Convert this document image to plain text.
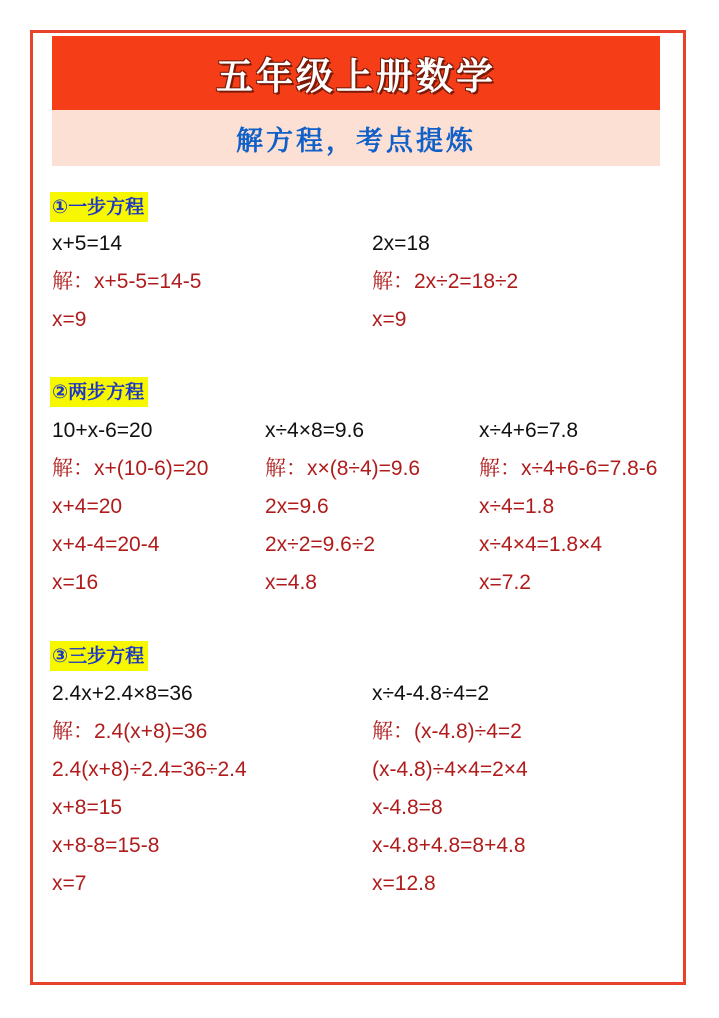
五年级上册数学
解方程，考点提炼
①一步方程
x+5=14
解：x+5-5=14-5
x=9
2x=18
解：2x÷2=18÷2
x=9
②两步方程
10+x-6=20
解：x+(10-6)=20
x+4=20
x+4-4=20-4
x=16
x÷4×8=9.6
解：x×(8÷4)=9.6
2x=9.6
2x÷2=9.6÷2
x=4.8
x÷4+6=7.8
解：x÷4+6-6=7.8-6
x÷4=1.8
x÷4×4=1.8×4
x=7.2
③三步方程
2.4x+2.4×8=36
解：2.4(x+8)=36
2.4(x+8)÷2.4=36÷2.4
x+8=15
x+8-8=15-8
x=7
x÷4-4.8÷4=2
解：(x-4.8)÷4=2
(x-4.8)÷4×4=2×4
x-4.8=8
x-4.8+4.8=8+4.8
x=12.8
